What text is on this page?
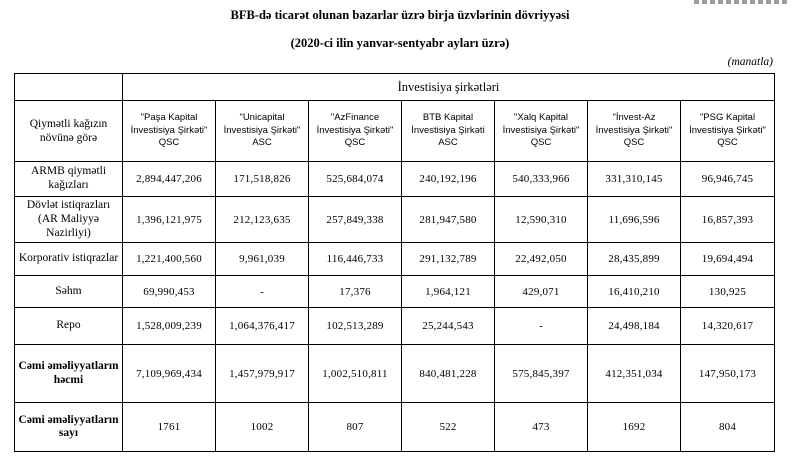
BFB-də ticarət olunan bazarlar üzrə birja üzvlərinin dövriyyəsi
(2020-ci ilin yanvar-sentyabr ayları üzrə)
(manatla)
	İnvestisiya şirkətləri						
Qiymətli kağızın növünə görə	"Paşa Kapital İnvestisiya Şirkəti" QSC	"Unicapital İnvestisiya Şirkəti" ASC	"AzFinance İnvestisiya Şirkəti" QSC	BTB Kapital İnvestisiya Şirkəti ASC	"Xalq Kapital İnvestisiya Şirkəti" QSC	"İnvest-Az İnvestisiya Şirkəti" QSC	"PSG Kapital İnvestisiya Şirkəti" QSC
ARMB qiymətli kağızları	2,894,447,206	171,518,826	525,684,074	240,192,196	540,333,966	331,310,145	96,946,745
Dövlət istiqrazları (AR Maliyyə Nazirliyi)	1,396,121,975	212,123,635	257,849,338	281,947,580	12,590,310	11,696,596	16,857,393
Korporativ istiqrazlar	1,221,400,560	9,961,039	116,446,733	291,132,789	22,492,050	28,435,899	19,694,494
Səhm	69,990,453	-	17,376	1,964,121	429,071	16,410,210	130,925
Repo	1,528,009,239	1,064,376,417	102,513,289	25,244,543	-	24,498,184	14,320,617
Cəmi əməliyyatların həcmi	7,109,969,434	1,457,979,917	1,002,510,811	840,481,228	575,845,397	412,351,034	147,950,173
Cəmi əməliyyatların sayı	1761	1002	807	522	473	1692	804
